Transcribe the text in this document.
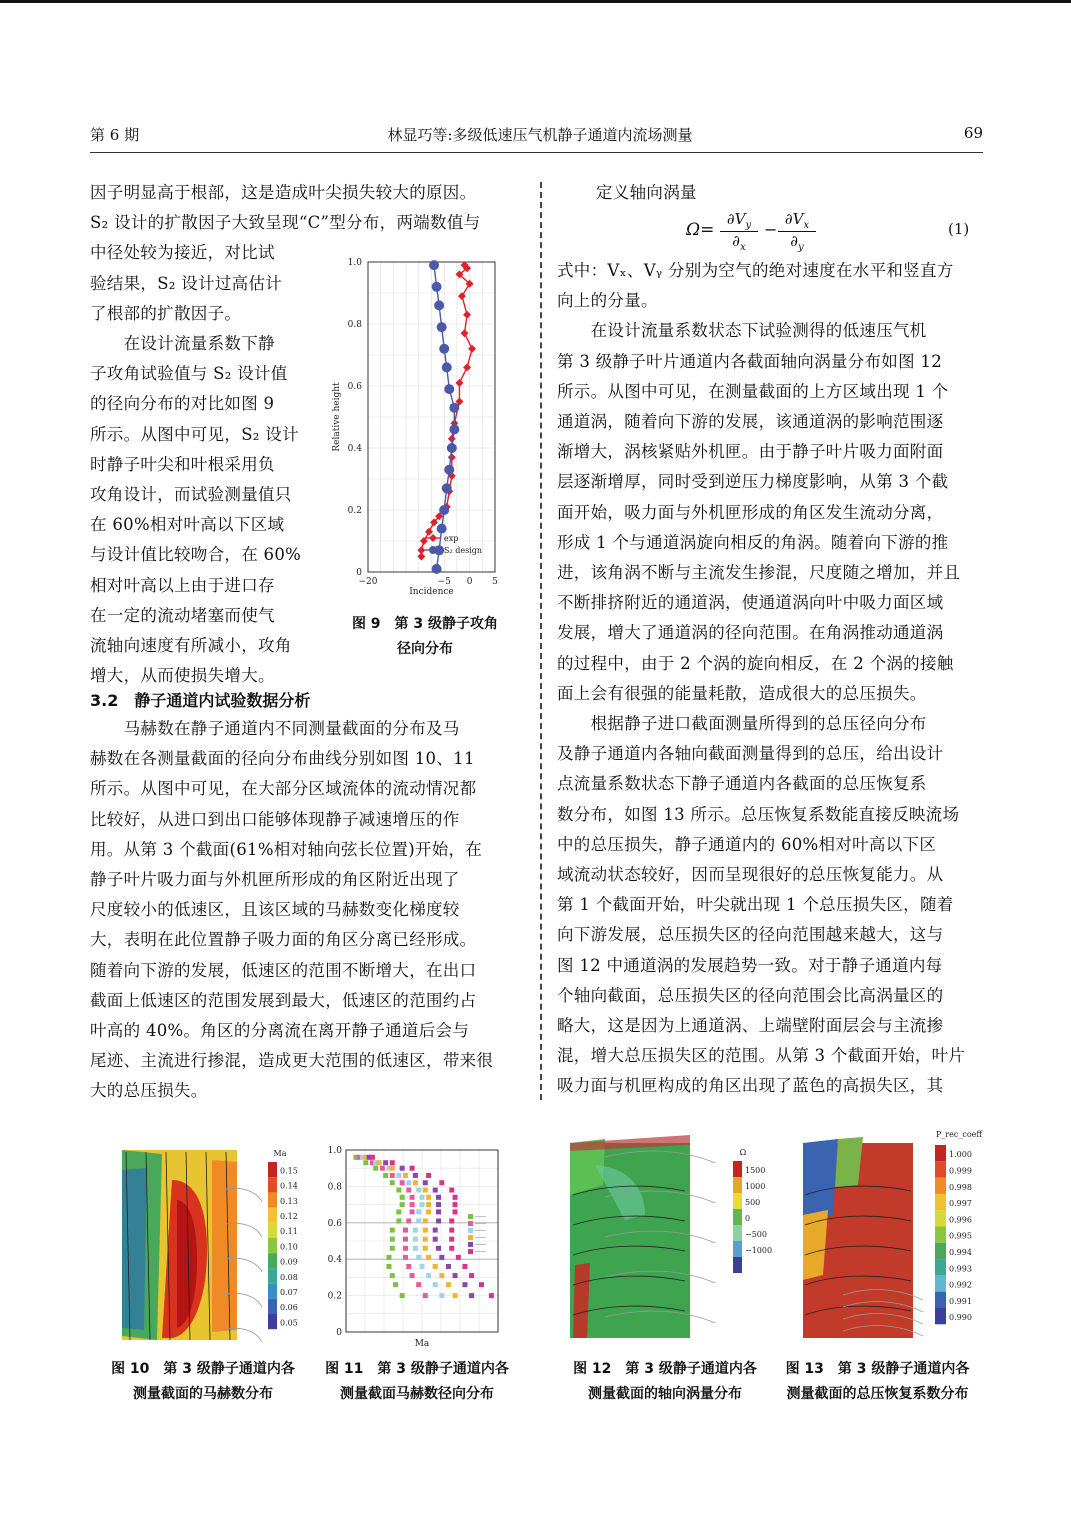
第 6 期	林显巧等:多级低速压气机静子通道内流场测量	69
因子明显高于根部，这是造成叶尖损失较大的原因。
S₂ 设计的扩散因子大致呈现“C”型分布，两端数值与
中径处较为接近，对比试
验结果，S₂ 设计过高估计
了根部的扩散因子。
　　在设计流量系数下静
子攻角试验值与 S₂ 设计值
的径向分布的对比如图 9
所示。从图中可见，S₂ 设计
时静子叶尖和叶根采用负
攻角设计，而试验测量值只
在 60%相对叶高以下区域
与设计值比较吻合，在 60%
相对叶高以上由于进口存
在一定的流动堵塞而使气
流轴向速度有所减小，攻角
增大，从而使损失增大。
3.2　静子通道内试验数据分析
　　马赫数在静子通道内不同测量截面的分布及马
赫数在各测量截面的径向分布曲线分别如图 10、11
所示。从图中可见，在大部分区域流体的流动情况都
比较好，从进口到出口能够体现静子减速增压的作
用。从第 3 个截面(61%相对轴向弦长位置)开始，在
静子叶片吸力面与外机匣所形成的角区附近出现了
尺度较小的低速区，且该区域的马赫数变化梯度较
大，表明在此位置静子吸力面的角区分离已经形成。
随着向下游的发展，低速区的范围不断增大，在出口
截面上低速区的范围发展到最大，低速区的范围约占
叶高的 40%。角区的分离流在离开静子通道后会与
尾迹、主流进行掺混，造成更大范围的低速区，带来很
大的总压损失。
−20	−5 0 5
0
0.2
0.4
0.6
0.8
1.0
Incidence
Relative height
exp
S₂ design
图 9　第 3 级静子攻角
径向分布
定义轴向涡量
Ω=
$\partial V_y$
$\partial_x$
−
$\partial V_x$
$\partial_y$
(1)
式中：Vₓ、Vᵧ 分别为空气的绝对速度在水平和竖直方
向上的分量。
　　在设计流量系数状态下试验测得的低速压气机
第 3 级静子叶片通道内各截面轴向涡量分布如图 12
所示。从图中可见，在测量截面的上方区域出现 1 个
通道涡，随着向下游的发展，该通道涡的影响范围逐
渐增大，涡核紧贴外机匣。由于静子叶片吸力面附面
层逐渐增厚，同时受到逆压力梯度影响，从第 3 个截
面开始，吸力面与外机匣形成的角区发生流动分离，
形成 1 个与通道涡旋向相反的角涡。随着向下游的推
进，该角涡不断与主流发生掺混，尺度随之增加，并且
不断排挤附近的通道涡，使通道涡向叶中吸力面区域
发展，增大了通道涡的径向范围。在角涡推动通道涡
的过程中，由于 2 个涡的旋向相反，在 2 个涡的接触
面上会有很强的能量耗散，造成很大的总压损失。
　　根据静子进口截面测量所得到的总压径向分布
及静子通道内各轴向截面测量得到的总压，给出设计
点流量系数状态下静子通道内各截面的总压恢复系
数分布，如图 13 所示。总压恢复系数能直接反映流场
中的总压损失，静子通道内的 60%相对叶高以下区
域流动状态较好，因而呈现很好的总压恢复能力。从
第 1 个截面开始，叶尖就出现 1 个总压损失区，随着
向下游发展，总压损失区的径向范围越来越大，这与
图 12 中通道涡的发展趋势一致。对于静子通道内每
个轴向截面，总压损失区的径向范围会比高涡量区的
略大，这是因为上通道涡、上端壁附面层会与主流掺
混，增大总压损失区的范围。从第 3 个截面开始，叶片
吸力面与机匣构成的角区出现了蓝色的高损失区，其
0.15
0.14
0.13
0.12
0.11
0.10
0.09
0.08
0.07
0.06
0.05
Ma
0
0.2
0.4
0.6
0.8
1.0
Ma
1500
1000
500
0
−500
−1000
Ω	1.000
0.999
0.998
0.997
0.996
0.995
0.994
0.993
0.992
0.991
0.990
P_rec_coeff
图 10　第 3 级静子通道内各
测量截面的马赫数分布
图 11　第 3 级静子通道内各
测量截面马赫数径向分布
图 12　第 3 级静子通道内各
测量截面的轴向涡量分布
图 13　第 3 级静子通道内各
测量截面的总压恢复系数分布
